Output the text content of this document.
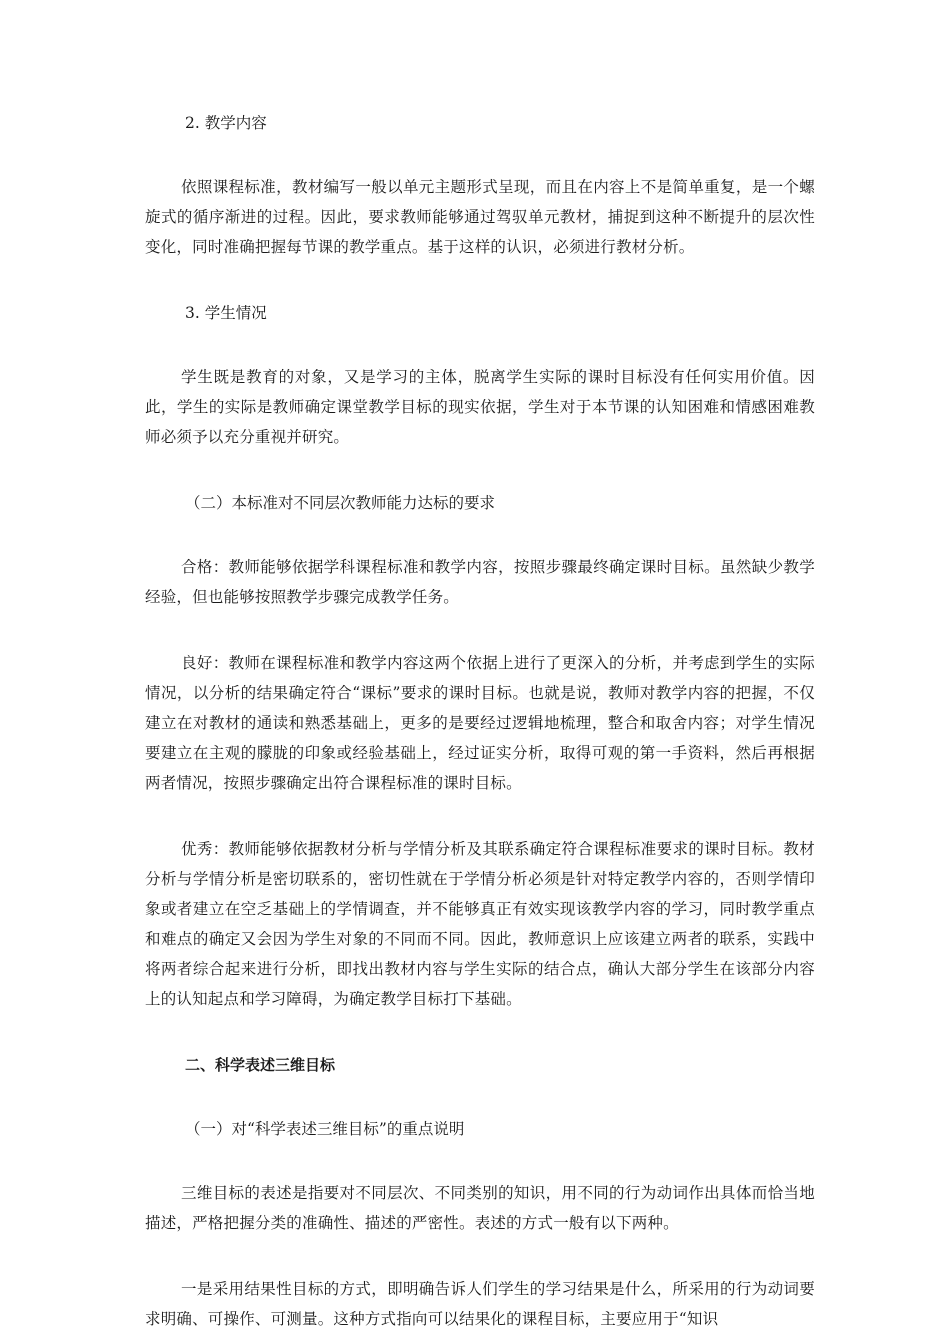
2. 教学内容

依照课程标准，教材编写一般以单元主题形式呈现，而且在内容上不是简单重复，是一个螺旋式的循序渐进的过程。因此，要求教师能够通过驾驭单元教材，捕捉到这种不断提升的层次性变化，同时准确把握每节课的教学重点。基于这样的认识，必须进行教材分析。

3. 学生情况

学生既是教育的对象，又是学习的主体，脱离学生实际的课时目标没有任何实用价值。因此，学生的实际是教师确定课堂教学目标的现实依据，学生对于本节课的认知困难和情感困难教师必须予以充分重视并研究。

（二）本标准对不同层次教师能力达标的要求

合格：教师能够依据学科课程标准和教学内容，按照步骤最终确定课时目标。虽然缺少教学经验，但也能够按照教学步骤完成教学任务。

良好：教师在课程标准和教学内容这两个依据上进行了更深入的分析，并考虑到学生的实际情况，以分析的结果确定符合“课标”要求的课时目标。也就是说，教师对教学内容的把握，不仅建立在对教材的通读和熟悉基础上，更多的是要经过逻辑地梳理，整合和取舍内容；对学生情况要建立在主观的朦胧的印象或经验基础上，经过证实分析，取得可观的第一手资料，然后再根据两者情况，按照步骤确定出符合课程标准的课时目标。

优秀：教师能够依据教材分析与学情分析及其联系确定符合课程标准要求的课时目标。教材分析与学情分析是密切联系的，密切性就在于学情分析必须是针对特定教学内容的，否则学情印象或者建立在空乏基础上的学情调查，并不能够真正有效实现该教学内容的学习，同时教学重点和难点的确定又会因为学生对象的不同而不同。因此，教师意识上应该建立两者的联系，实践中将两者综合起来进行分析，即找出教材内容与学生实际的结合点，确认大部分学生在该部分内容上的认知起点和学习障碍，为确定教学目标打下基础。

二、科学表述三维目标

（一）对“科学表述三维目标”的重点说明

三维目标的表述是指要对不同层次、不同类别的知识，用不同的行为动词作出具体而恰当地描述，严格把握分类的准确性、描述的严密性。表述的方式一般有以下两种。

一是采用结果性目标的方式，即明确告诉人们学生的学习结果是什么，所采用的行为动词要求明确、可操作、可测量。这种方式指向可以结果化的课程目标，主要应用于“知识
